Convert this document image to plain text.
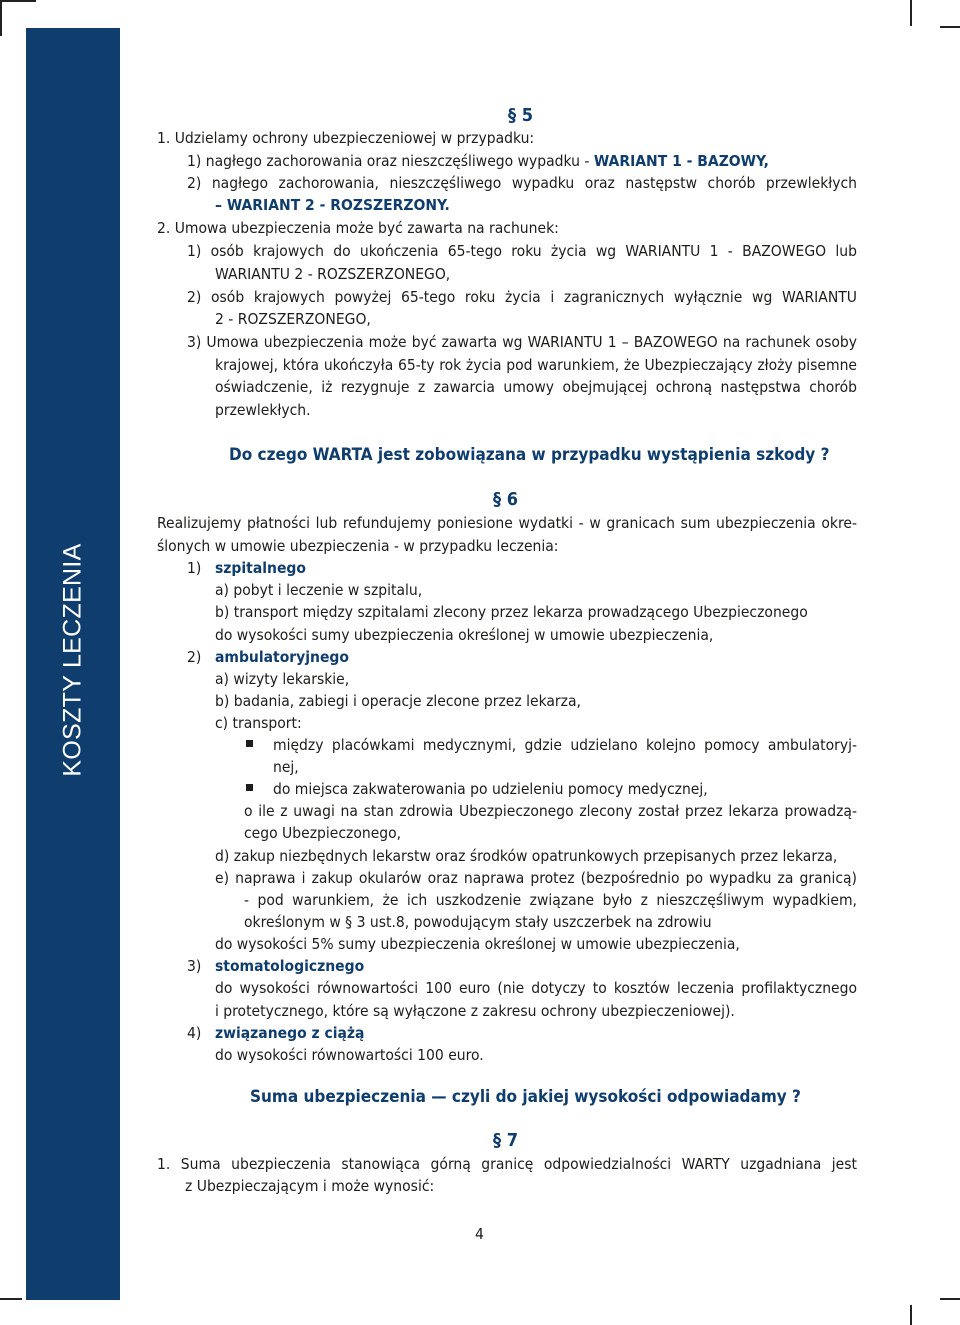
KOSZTY LECZENIA
§ 5
1. Udzielamy ochrony ubezpieczeniowej w przypadku:
1) nagłego zachorowania oraz nieszczęśliwego wypadku - WARIANT 1 - BAZOWY,
2) nagłego zachorowania, nieszczęśliwego wypadku oraz następstw chorób przewlekłych
– WARIANT 2 - ROZSZERZONY.
2. Umowa ubezpieczenia może być zawarta na rachunek:
1) osób krajowych do ukończenia 65-tego roku życia wg WARIANTU 1 - BAZOWEGO lub
WARIANTU 2 - ROZSZERZONEGO,
2) osób krajowych powyżej 65-tego roku życia i zagranicznych wyłącznie wg WARIANTU
2 - ROZSZERZONEGO,
3) Umowa ubezpieczenia może być zawarta wg WARIANTU 1 – BAZOWEGO na rachunek osoby
krajowej, która ukończyła 65-ty rok życia pod warunkiem, że Ubezpieczający złoży pisemne
oświadczenie, iż rezygnuje z zawarcia umowy obejmującej ochroną następstwa chorób
przewlekłych.
Do czego WARTA jest zobowiązana w przypadku wystąpienia szkody ?
§ 6
Realizujemy płatności lub refundujemy poniesione wydatki - w granicach sum ubezpieczenia okre-
ślonych w umowie ubezpieczenia - w przypadku leczenia:
1) szpitalnego
a) pobyt i leczenie w szpitalu,
b) transport między szpitalami zlecony przez lekarza prowadzącego Ubezpieczonego
do wysokości sumy ubezpieczenia określonej w umowie ubezpieczenia,
2) ambulatoryjnego
a) wizyty lekarskie,
b) badania, zabiegi i operacje zlecone przez lekarza,
c) transport:
między placówkami medycznymi, gdzie udzielano kolejno pomocy ambulatoryj-
nej,
do miejsca zakwaterowania po udzieleniu pomocy medycznej,
o ile z uwagi na stan zdrowia Ubezpieczonego zlecony został przez lekarza prowadzą-
cego Ubezpieczonego,
d) zakup niezbędnych lekarstw oraz środków opatrunkowych przepisanych przez lekarza,
e) naprawa i zakup okularów oraz naprawa protez (bezpośrednio po wypadku za granicą)
- pod warunkiem, że ich uszkodzenie związane było z nieszczęśliwym wypadkiem,
określonym w § 3 ust.8, powodującym stały uszczerbek na zdrowiu
do wysokości 5% sumy ubezpieczenia określonej w umowie ubezpieczenia,
3) stomatologicznego
do wysokości równowartości 100 euro (nie dotyczy to kosztów leczenia profilaktycznego
i protetycznego, które są wyłączone z zakresu ochrony ubezpieczeniowej).
4) związanego z ciążą
do wysokości równowartości 100 euro.
Suma ubezpieczenia — czyli do jakiej wysokości odpowiadamy ?
§ 7
1. Suma ubezpieczenia stanowiąca górną granicę odpowiedzialności WARTY uzgadniana jest
z Ubezpieczającym i może wynosić:
4
